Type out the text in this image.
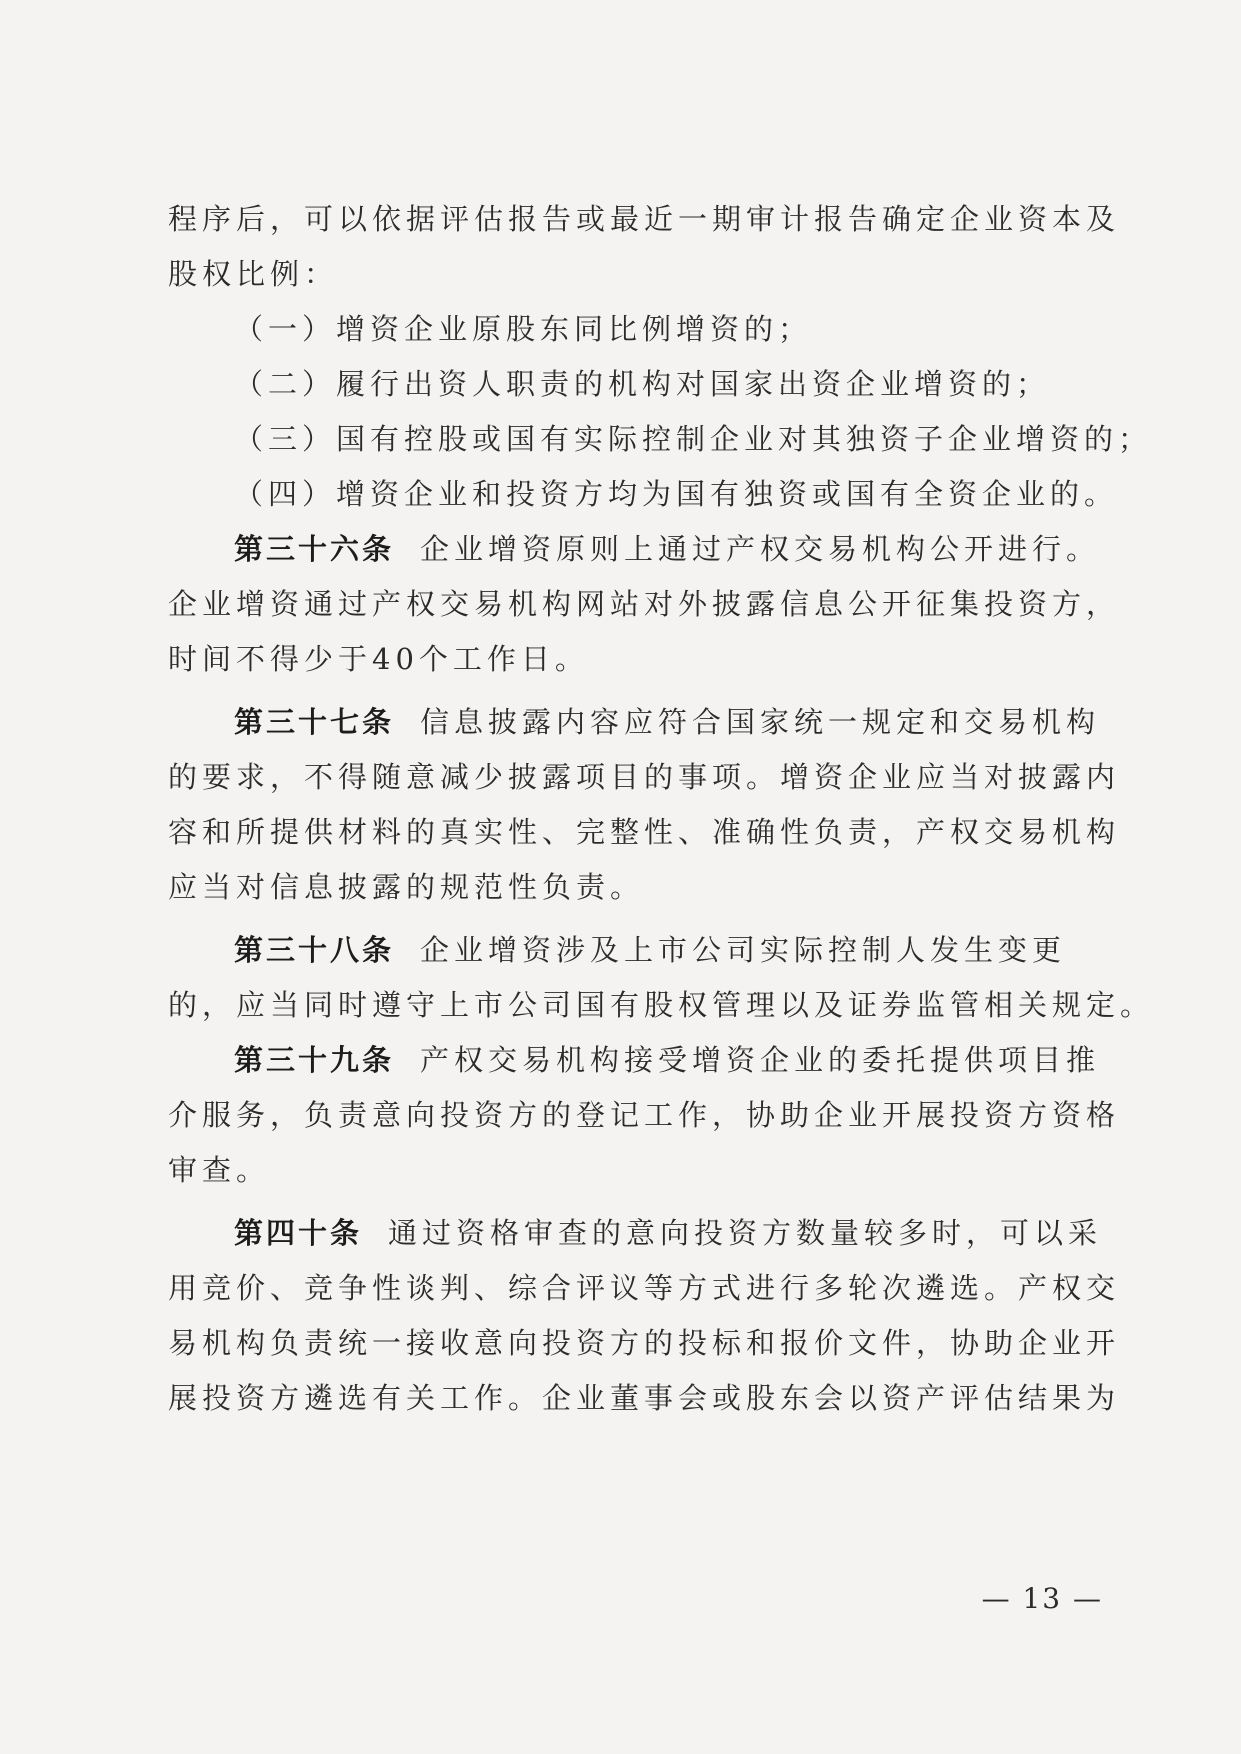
程序后，可以依据评估报告或最近一期审计报告确定企业资本及
股权比例：
（一）增资企业原股东同比例增资的；
（二）履行出资人职责的机构对国家出资企业增资的；
（三）国有控股或国有实际控制企业对其独资子企业增资的；
（四）增资企业和投资方均为国有独资或国有全资企业的。
第三十六条 企业增资原则上通过产权交易机构公开进行。
企业增资通过产权交易机构网站对外披露信息公开征集投资方，
时间不得少于40个工作日。
第三十七条 信息披露内容应符合国家统一规定和交易机构
的要求，不得随意减少披露项目的事项。增资企业应当对披露内
容和所提供材料的真实性、完整性、准确性负责，产权交易机构
应当对信息披露的规范性负责。
第三十八条 企业增资涉及上市公司实际控制人发生变更
的，应当同时遵守上市公司国有股权管理以及证券监管相关规定。
第三十九条 产权交易机构接受增资企业的委托提供项目推
介服务，负责意向投资方的登记工作，协助企业开展投资方资格
审查。
第四十条 通过资格审查的意向投资方数量较多时，可以采
用竞价、竞争性谈判、综合评议等方式进行多轮次遴选。产权交
易机构负责统一接收意向投资方的投标和报价文件，协助企业开
展投资方遴选有关工作。企业董事会或股东会以资产评估结果为
— 13 —
